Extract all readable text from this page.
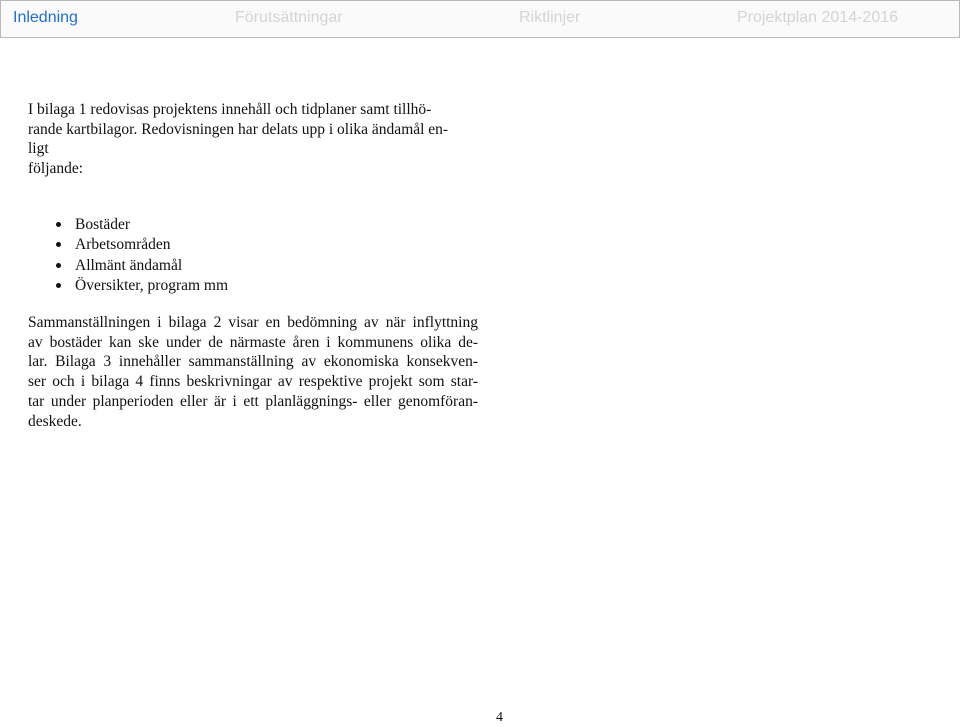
Inledning	Förutsättningar	Riktlinjer	Projektplan 2014-2016

I bilaga 1 redovisas projektens innehåll och tidplaner samt tillhö-
rande kartbilagor. Redovisningen har delats upp i olika ändamål en-
ligt
följande:

Bostäder
Arbetsområden
Allmänt ändamål
Översikter, program mm

Sammanställningen i bilaga 2 visar en bedömning av när inflyttning
av bostäder kan ske under de närmaste åren i kommunens olika de-
lar. Bilaga 3 innehåller sammanställning av ekonomiska konsekven-
ser och i bilaga 4 finns beskrivningar av respektive projekt som star-
tar under planperioden eller är i ett planläggnings- eller genomföran-
deskede.

4
